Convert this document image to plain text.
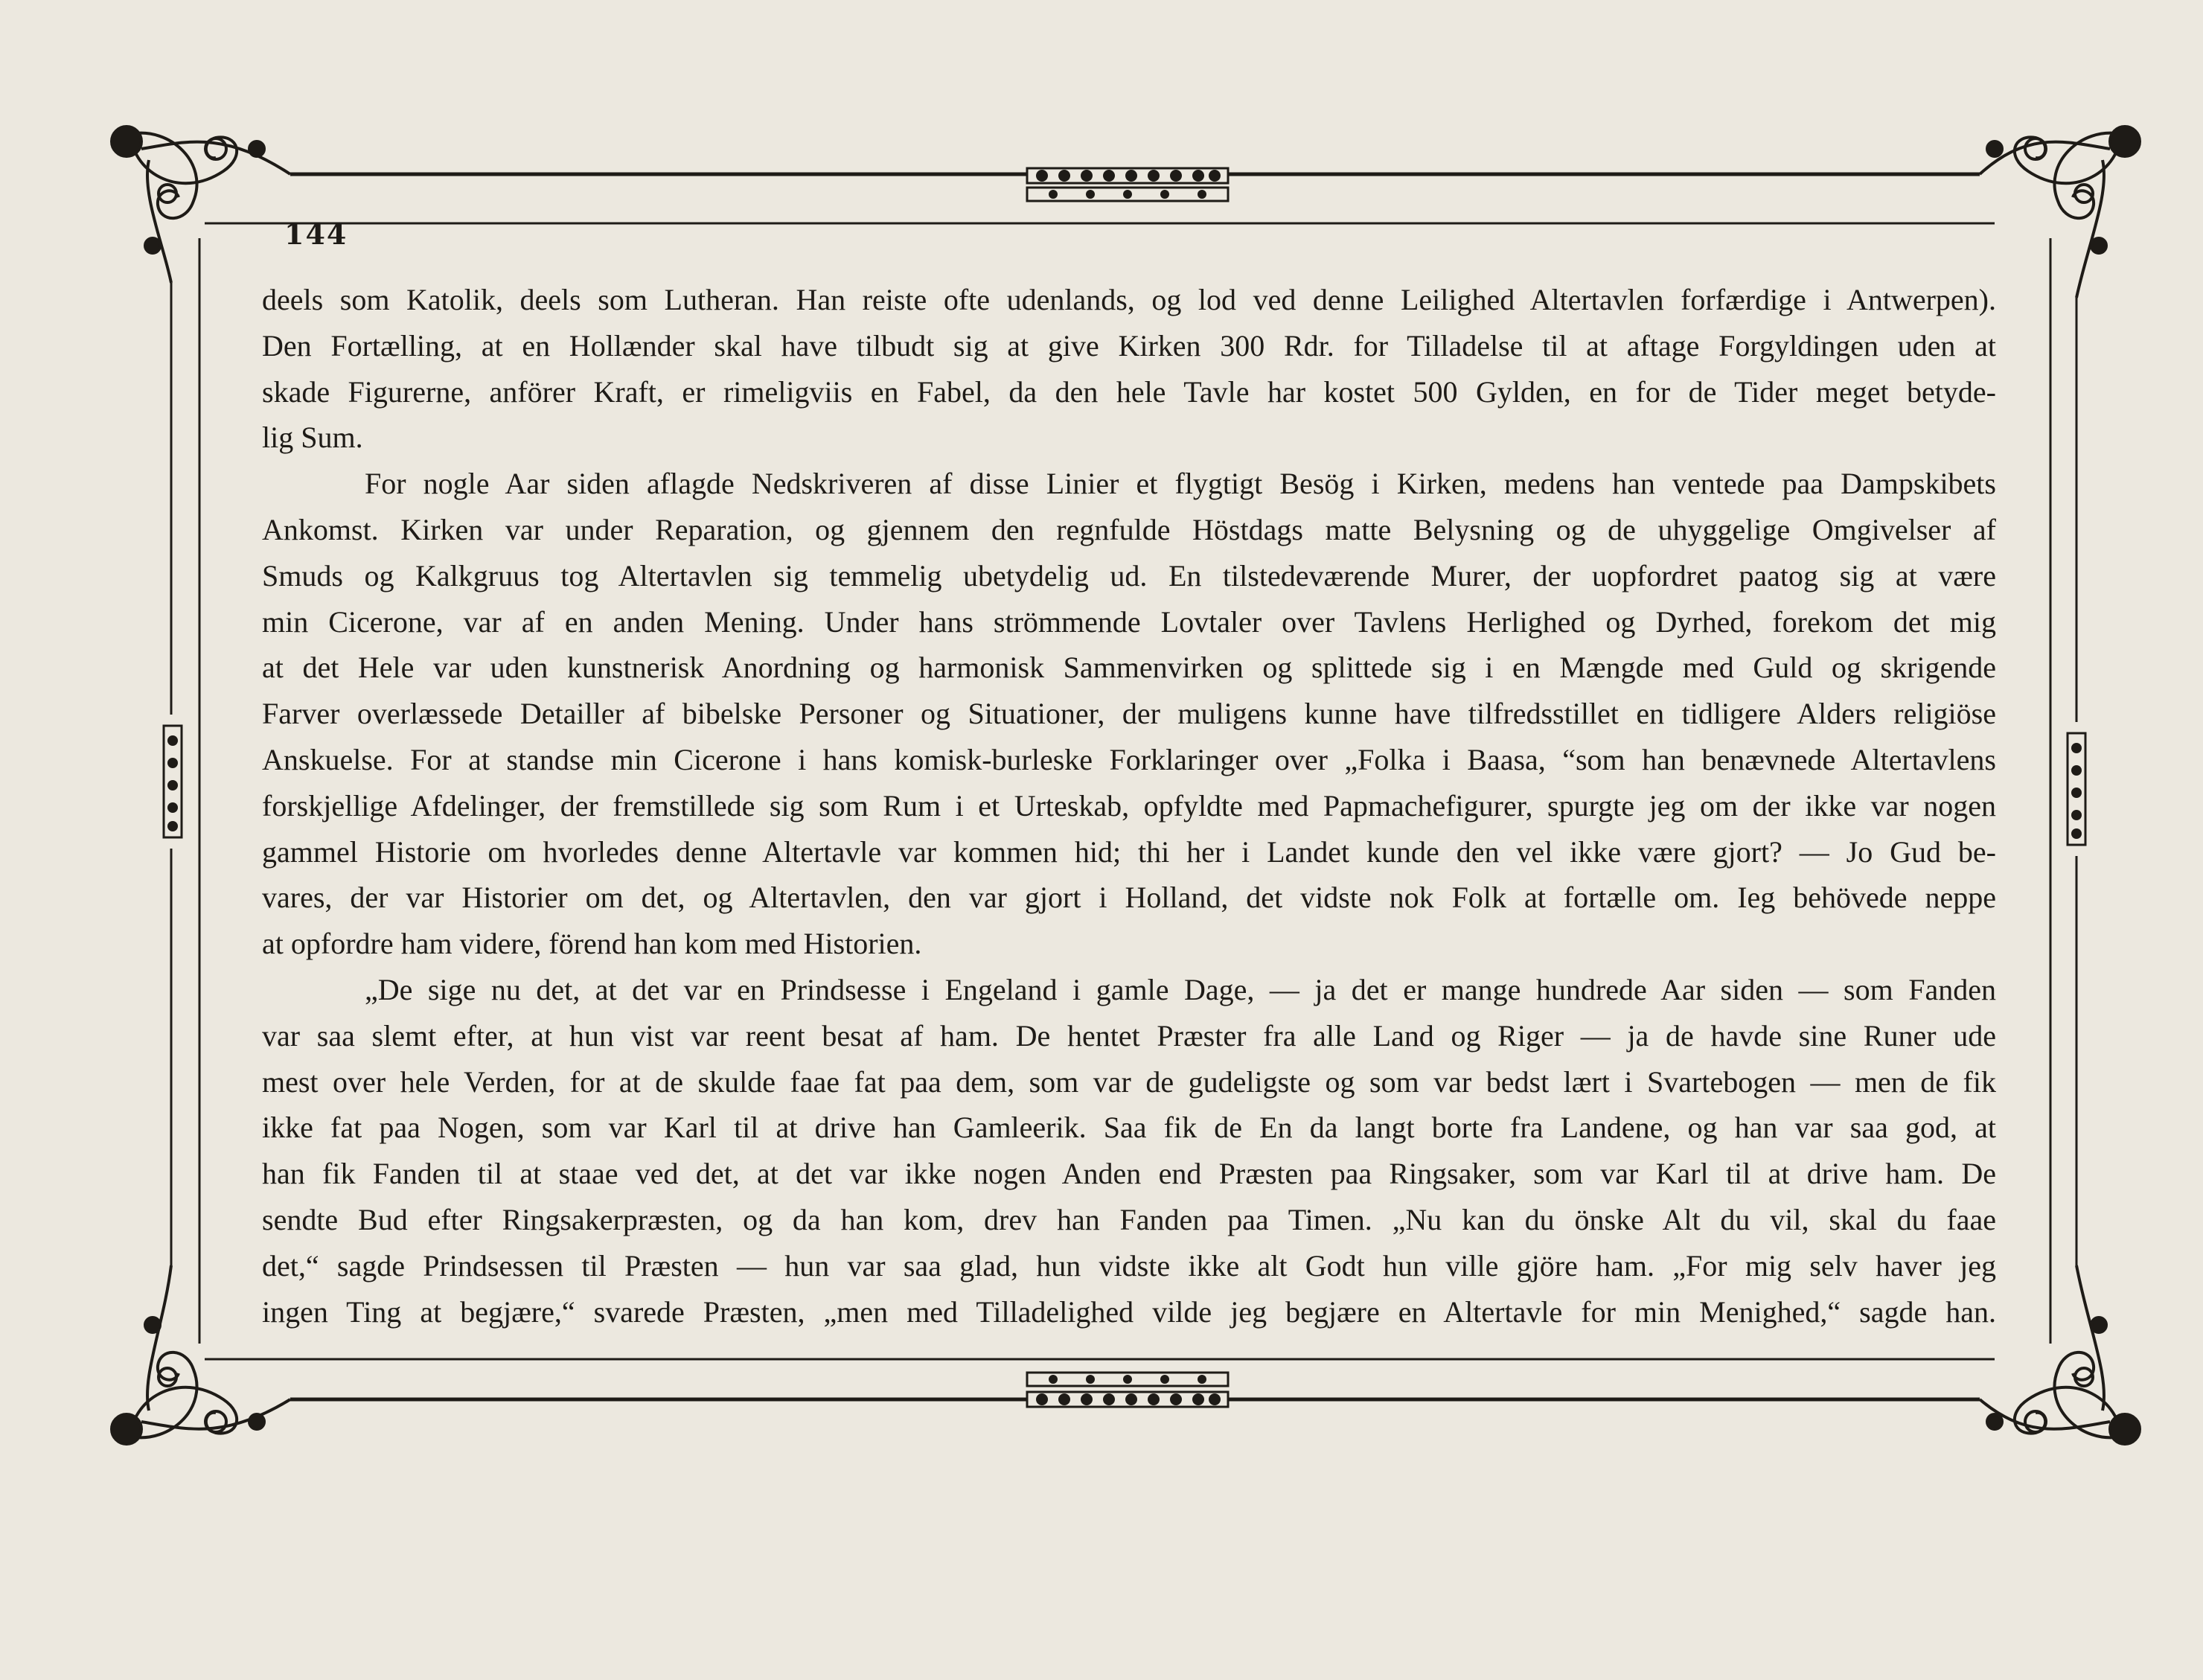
144
deels som Katolik, deels som Lutheran. Han reiste ofte udenlands, og lod ved denne Leilighed Altertavlen forfærdige i Antwerpen).
Den Fortælling, at en Hollænder skal have tilbudt sig at give Kirken 300 Rdr. for Tilladelse til at aftage Forgyldingen uden at
skade Figurerne, anförer Kraft, er rimeligviis en Fabel, da den hele Tavle har kostet 500 Gylden, en for de Tider meget betyde-
lig Sum.
For nogle Aar siden aflagde Nedskriveren af disse Linier et flygtigt Besög i Kirken, medens han ventede paa Dampskibets
Ankomst. Kirken var under Reparation, og gjennem den regnfulde Höstdags matte Belysning og de uhyggelige Omgivelser af
Smuds og Kalkgruus tog Altertavlen sig temmelig ubetydelig ud. En tilstedeværende Murer, der uopfordret paatog sig at være
min Cicerone, var af en anden Mening. Under hans strömmende Lovtaler over Tavlens Herlighed og Dyrhed, forekom det mig
at det Hele var uden kunstnerisk Anordning og harmonisk Sammenvirken og splittede sig i en Mængde med Guld og skrigende
Farver overlæssede Detailler af bibelske Personer og Situationer, der muligens kunne have tilfredsstillet en tidligere Alders religiöse
Anskuelse. For at standse min Cicerone i hans komisk-burleske Forklaringer over „Folka i Baasa, “som han benævnede Altertavlens
forskjellige Afdelinger, der fremstillede sig som Rum i et Urteskab, opfyldte med Papmachefigurer, spurgte jeg om der ikke var nogen
gammel Historie om hvorledes denne Altertavle var kommen hid; thi her i Landet kunde den vel ikke være gjort? — Jo Gud be-
vares, der var Historier om det, og Altertavlen, den var gjort i Holland, det vidste nok Folk at fortælle om. Ieg behövede neppe
at opfordre ham videre, förend han kom med Historien.
„De sige nu det, at det var en Prindsesse i Engeland i gamle Dage, — ja det er mange hundrede Aar siden — som Fanden
var saa slemt efter, at hun vist var reent besat af ham. De hentet Præster fra alle Land og Riger — ja de havde sine Runer ude
mest over hele Verden, for at de skulde faae fat paa dem, som var de gudeligste og som var bedst lært i Svartebogen — men de fik
ikke fat paa Nogen, som var Karl til at drive han Gamleerik. Saa fik de En da langt borte fra Landene, og han var saa god, at
han fik Fanden til at staae ved det, at det var ikke nogen Anden end Præsten paa Ringsaker, som var Karl til at drive ham. De
sendte Bud efter Ringsakerpræsten, og da han kom, drev han Fanden paa Timen. „Nu kan du önske Alt du vil, skal du faae
det,“ sagde Prindsessen til Præsten — hun var saa glad, hun vidste ikke alt Godt hun ville gjöre ham. „For mig selv haver jeg
ingen Ting at begjære,“ svarede Præsten, „men med Tilladelighed vilde jeg begjære en Altertavle for min Menighed,“ sagde han.
